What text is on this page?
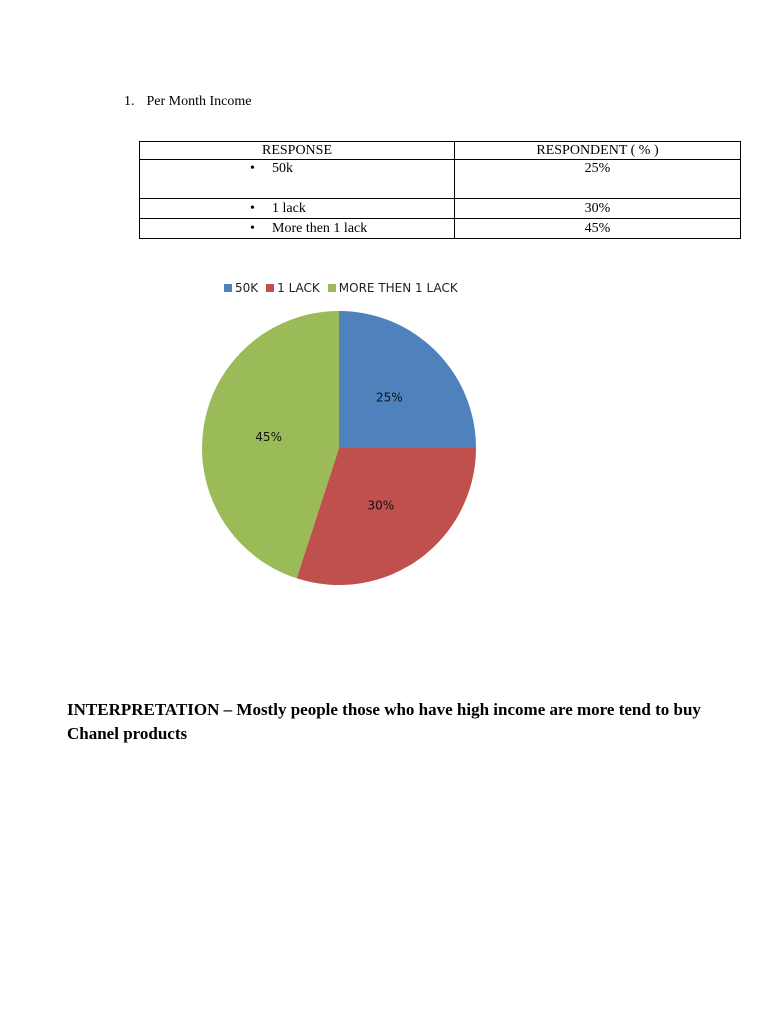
1. Per Month Income
RESPONSE	RESPONDENT ( % )
• 50k	25%
• 1 lack	30%
• More then 1 lack	45%
50K 1 LACK MORE THEN 1 LACK
25%
30%
45%
INTERPRETATION – Mostly people those who have high income are more tend to buy Chanel products
